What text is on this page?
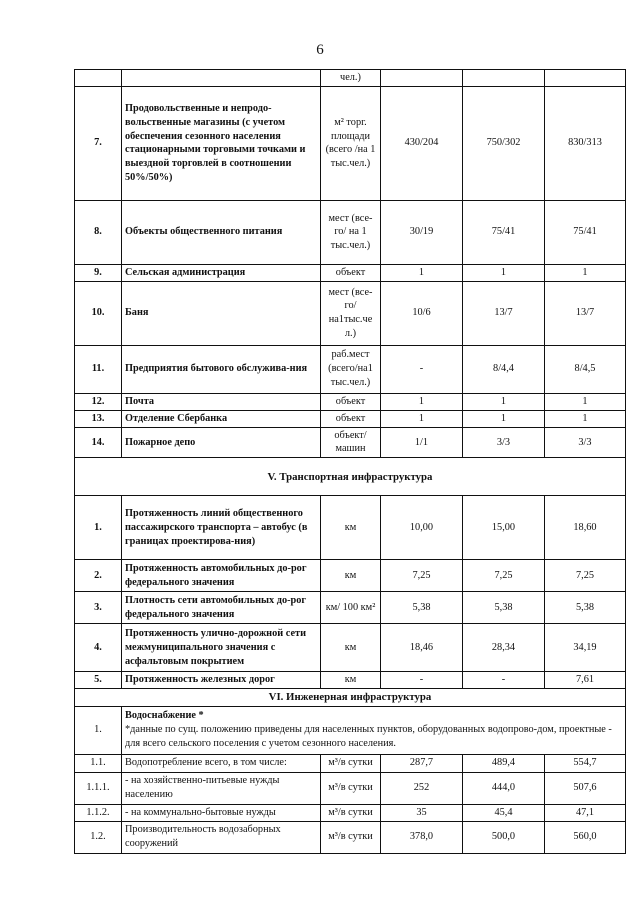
6
		чел.)			
7.	Продовольственные и непродо-вольственные магазины (с учетом обеспечения сезонного населения стационарными торговыми точками и выездной торговлей в соотношении 50%/50%)	м² торг. площади (всего /на 1 тыс.чел.)	430/204	750/302	830/313
8.	Объекты общественного питания	мест (все-го/ на 1 тыс.чел.)	30/19	75/41	75/41
9.	Сельская администрация	объект	1	1	1
10.	Баня	мест (все-го/ на1тыс.че л.)	10/6	13/7	13/7
11.	Предприятия бытового обслужива-ния	раб.мест (всего/на1 тыс.чел.)	-	8/4,4	8/4,5
12.	Почта	объект	1	1	1
13.	Отделение Сбербанка	объект	1	1	1
14.	Пожарное депо	объект/ машин	1/1	3/3	3/3
V. Транспортная инфраструктура					
1.	Протяженность линий общественного пассажирского транспорта – автобус (в границах проектирова-ния)	км	10,00	15,00	18,60
2.	Протяженность автомобильных до-рог федерального значения	км	7,25	7,25	7,25
3.	Плотность сети автомобильных до-рог федерального значения	км/ 100 км²	5,38	5,38	5,38
4.	Протяженность улично-дорожной сети межмуниципального значения с асфальтовым покрытием	км	18,46	28,34	34,19
5.	Протяженность железных дорог	км	-	-	7,61
VI. Инженерная инфраструктура					
1.	Водоснабжение *
*данные по сущ. положению приведены для населенных пунктов, оборудованных водопрово-дом, проектные - для всего сельского поселения с учетом сезонного населения.				

1.1.	Водопотребление всего, в том числе:	м³/в сутки	287,7	489,4	554,7
1.1.1.	- на хозяйственно-питьевые нужды населению	м³/в сутки	252	444,0	507,6
1.1.2.	- на коммунально-бытовые нужды	м³/в сутки	35	45,4	47,1
1.2.	Производительность водозаборных сооружений	м³/в сутки	378,0	500,0	560,0
